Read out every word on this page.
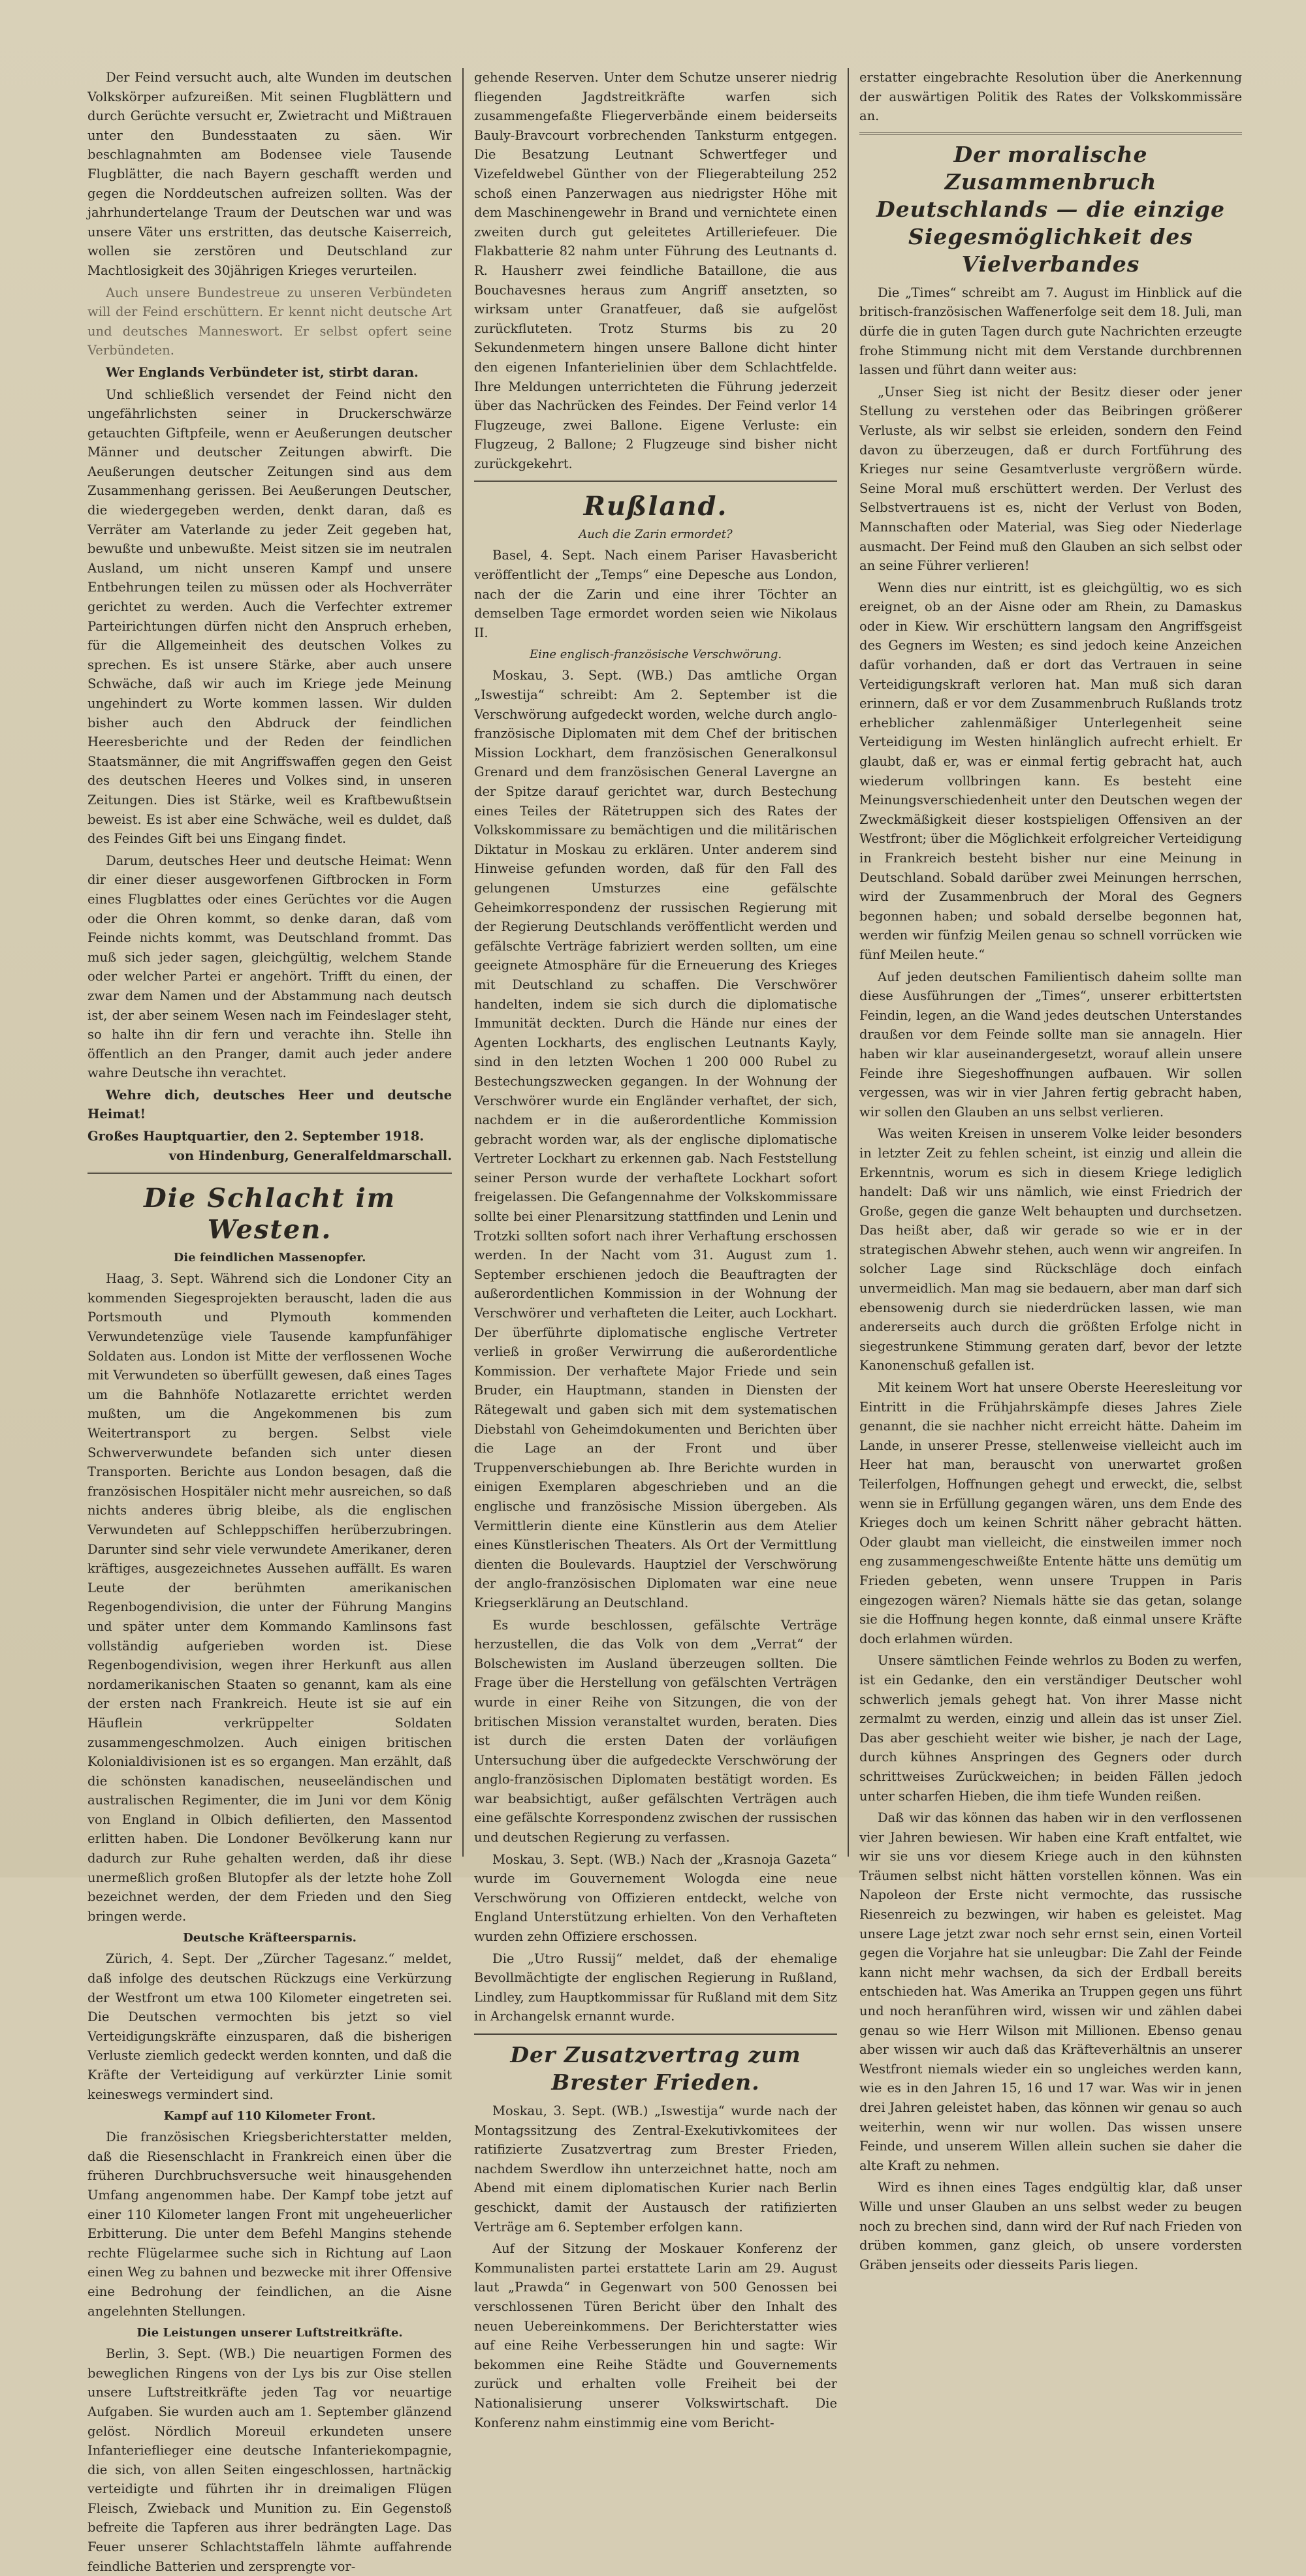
Der Feind versucht auch, alte Wunden im deutschen Volkskörper aufzureißen. Mit seinen Flugblättern und durch Gerüchte versucht er, Zwietracht und Mißtrauen unter den Bundesstaaten zu säen. Wir beschlagnahmten am Bodensee viele Tausende Flugblätter, die nach Bayern geschafft werden und gegen die Norddeutschen aufreizen sollten. Was der jahrhundertelange Traum der Deutschen war und was unsere Väter uns erstritten, das deutsche Kaiserreich, wollen sie zerstören und Deutschland zur Machtlosigkeit des 30jährigen Krieges verurteilen.

Auch unsere Bundestreue zu unseren Verbündeten will der Feind erschüttern. Er kennt nicht deutsche Art und deutsches Manneswort. Er selbst opfert seine Verbündeten.

Wer Englands Verbündeter ist, stirbt daran.

Und schließlich versendet der Feind nicht den ungefährlichsten seiner in Druckerschwärze getauchten Giftpfeile, wenn er Aeußerungen deutscher Männer und deutscher Zeitungen abwirft. Die Aeußerungen deutscher Zeitungen sind aus dem Zusammenhang gerissen. Bei Aeußerungen Deutscher, die wiedergegeben werden, denkt daran, daß es Verräter am Vaterlande zu jeder Zeit gegeben hat, bewußte und unbewußte. Meist sitzen sie im neutralen Ausland, um nicht unseren Kampf und unsere Entbehrungen teilen zu müssen oder als Hochverräter gerichtet zu werden. Auch die Verfechter extremer Parteirichtungen dürfen nicht den Anspruch erheben, für die Allgemeinheit des deutschen Volkes zu sprechen. Es ist unsere Stärke, aber auch unsere Schwäche, daß wir auch im Kriege jede Meinung ungehindert zu Worte kommen lassen. Wir dulden bisher auch den Abdruck der feindlichen Heeresberichte und der Reden der feindlichen Staatsmänner, die mit Angriffswaffen gegen den Geist des deutschen Heeres und Volkes sind, in unseren Zeitungen. Dies ist Stärke, weil es Kraftbewußtsein beweist. Es ist aber eine Schwäche, weil es duldet, daß des Feindes Gift bei uns Eingang findet.

Darum, deutsches Heer und deutsche Heimat: Wenn dir einer dieser ausgeworfenen Giftbrocken in Form eines Flugblattes oder eines Gerüchtes vor die Augen oder die Ohren kommt, so denke daran, daß vom Feinde nichts kommt, was Deutschland frommt. Das muß sich jeder sagen, gleichgültig, welchem Stande oder welcher Partei er angehört. Trifft du einen, der zwar dem Namen und der Abstammung nach deutsch ist, der aber seinem Wesen nach im Feindeslager steht, so halte ihn dir fern und verachte ihn. Stelle ihn öffentlich an den Pranger, damit auch jeder andere wahre Deutsche ihn verachtet.

Wehre dich, deutsches Heer und deutsche Heimat!

Großes Hauptquartier, den 2. September 1918.

von Hindenburg, Generalfeldmarschall.

Die Schlacht im Westen.
Die feindlichen Massenopfer.

Haag, 3. Sept. Während sich die Londoner City an kommenden Siegesprojekten berauscht, laden die aus Portsmouth und Plymouth kommenden Verwundetenzüge viele Tausende kampfunfähiger Soldaten aus. London ist Mitte der verflossenen Woche mit Verwundeten so überfüllt gewesen, daß eines Tages um die Bahnhöfe Notlazarette errichtet werden mußten, um die Angekommenen bis zum Weitertransport zu bergen. Selbst viele Schwerverwundete befanden sich unter diesen Transporten. Berichte aus London besagen, daß die französischen Hospitäler nicht mehr ausreichen, so daß nichts anderes übrig bleibe, als die englischen Verwundeten auf Schleppschiffen herüberzubringen. Darunter sind sehr viele verwundete Amerikaner, deren kräftiges, ausgezeichnetes Aussehen auffällt. Es waren Leute der berühmten amerikanischen Regenbogendivision, die unter der Führung Mangins und später unter dem Kommando Kamlinsons fast vollständig aufgerieben worden ist. Diese Regenbogendivision, wegen ihrer Herkunft aus allen nordamerikanischen Staaten so genannt, kam als eine der ersten nach Frankreich. Heute ist sie auf ein Häuflein verkrüppelter Soldaten zusammengeschmolzen. Auch einigen britischen Kolonialdivisionen ist es so ergangen. Man erzählt, daß die schönsten kanadischen, neuseeländischen und australischen Regimenter, die im Juni vor dem König von England in Olbich defilierten, den Massentod erlitten haben. Die Londoner Bevölkerung kann nur dadurch zur Ruhe gehalten werden, daß ihr diese unermeßlich großen Blutopfer als der letzte hohe Zoll bezeichnet werden, der dem Frieden und den Sieg bringen werde.

Deutsche Kräfteersparnis.

Zürich, 4. Sept. Der „Zürcher Tagesanz.“ meldet, daß infolge des deutschen Rückzugs eine Verkürzung der Westfront um etwa 100 Kilometer eingetreten sei. Die Deutschen vermochten bis jetzt so viel Verteidigungskräfte einzusparen, daß die bisherigen Verluste ziemlich gedeckt werden konnten, und daß die Kräfte der Verteidigung auf verkürzter Linie somit keineswegs vermindert sind.

Kampf auf 110 Kilometer Front.

Die französischen Kriegsberichterstatter melden, daß die Riesenschlacht in Frankreich einen über die früheren Durchbruchsversuche weit hinausgehenden Umfang angenommen habe. Der Kampf tobe jetzt auf einer 110 Kilometer langen Front mit ungeheuerlicher Erbitterung. Die unter dem Befehl Mangins stehende rechte Flügelarmee suche sich in Richtung auf Laon einen Weg zu bahnen und bezwecke mit ihrer Offensive eine Bedrohung der feindlichen, an die Aisne angelehnten Stellungen.

Die Leistungen unserer Luftstreitkräfte.

Berlin, 3. Sept. (WB.) Die neuartigen Formen des beweglichen Ringens von der Lys bis zur Oise stellen unsere Luftstreitkräfte jeden Tag vor neuartige Aufgaben. Sie wurden auch am 1. September glänzend gelöst. Nördlich Moreuil erkundeten unsere Infanterieflieger eine deutsche Infanteriekompagnie, die sich, von allen Seiten eingeschlossen, hartnäckig verteidigte und führten ihr in dreimaligen Flügen Fleisch, Zwieback und Munition zu. Ein Gegenstoß befreite die Tapferen aus ihrer bedrängten Lage. Das Feuer unserer Schlachtstaffeln lähmte auffahrende feindliche Batterien und zersprengte vor-

gehende Reserven. Unter dem Schutze unserer niedrig fliegenden Jagdstreitkräfte warfen sich zusammengefaßte Fliegerverbände einem beiderseits Bauly-Bravcourt vorbrechenden Tanksturm entgegen. Die Besatzung Leutnant Schwertfeger und Vizefeldwebel Günther von der Fliegerabteilung 252 schoß einen Panzerwagen aus niedrigster Höhe mit dem Maschinengewehr in Brand und vernichtete einen zweiten durch gut geleitetes Artilleriefeuer. Die Flakbatterie 82 nahm unter Führung des Leutnants d. R. Hausherr zwei feindliche Bataillone, die aus Bouchavesnes heraus zum Angriff ansetzten, so wirksam unter Granatfeuer, daß sie aufgelöst zurückfluteten. Trotz Sturms bis zu 20 Sekundenmetern hingen unsere Ballone dicht hinter den eigenen Infanterielinien über dem Schlachtfelde. Ihre Meldungen unterrichteten die Führung jederzeit über das Nachrücken des Feindes. Der Feind verlor 14 Flugzeuge, zwei Ballone. Eigene Verluste: ein Flugzeug, 2 Ballone; 2 Flugzeuge sind bisher nicht zurückgekehrt.

Rußland.
Auch die Zarin ermordet?

Basel, 4. Sept. Nach einem Pariser Havasbericht veröffentlicht der „Temps“ eine Depesche aus London, nach der die Zarin und eine ihrer Töchter an demselben Tage ermordet worden seien wie Nikolaus II.

Eine englisch-französische Verschwörung.

Moskau, 3. Sept. (WB.) Das amtliche Organ „Iswestija“ schreibt: Am 2. September ist die Verschwörung aufgedeckt worden, welche durch anglo-französische Diplomaten mit dem Chef der britischen Mission Lockhart, dem französischen Generalkonsul Grenard und dem französischen General Lavergne an der Spitze darauf gerichtet war, durch Bestechung eines Teiles der Rätetruppen sich des Rates der Volkskommissare zu bemächtigen und die militärischen Diktatur in Moskau zu erklären. Unter anderem sind Hinweise gefunden worden, daß für den Fall des gelungenen Umsturzes eine gefälschte Geheimkorrespondenz der russischen Regierung mit der Regierung Deutschlands veröffentlicht werden und gefälschte Verträge fabriziert werden sollten, um eine geeignete Atmosphäre für die Erneuerung des Krieges mit Deutschland zu schaffen. Die Verschwörer handelten, indem sie sich durch die diplomatische Immunität deckten. Durch die Hände nur eines der Agenten Lockharts, des englischen Leutnants Kayly, sind in den letzten Wochen 1 200 000 Rubel zu Bestechungszwecken gegangen. In der Wohnung der Verschwörer wurde ein Engländer verhaftet, der sich, nachdem er in die außerordentliche Kommission gebracht worden war, als der englische diplomatische Vertreter Lockhart zu erkennen gab. Nach Feststellung seiner Person wurde der verhaftete Lockhart sofort freigelassen. Die Gefangennahme der Volkskommissare sollte bei einer Plenarsitzung stattfinden und Lenin und Trotzki sollten sofort nach ihrer Verhaftung erschossen werden. In der Nacht vom 31. August zum 1. September erschienen jedoch die Beauftragten der außerordentlichen Kommission in der Wohnung der Verschwörer und verhafteten die Leiter, auch Lockhart. Der überführte diplomatische englische Vertreter verließ in großer Verwirrung die außerordentliche Kommission. Der verhaftete Major Friede und sein Bruder, ein Hauptmann, standen in Diensten der Rätegewalt und gaben sich mit dem systematischen Diebstahl von Geheimdokumenten und Berichten über die Lage an der Front und über Truppenverschiebungen ab. Ihre Berichte wurden in einigen Exemplaren abgeschrieben und an die englische und französische Mission übergeben. Als Vermittlerin diente eine Künstlerin aus dem Atelier eines Künstlerischen Theaters. Als Ort der Vermittlung dienten die Boulevards. Hauptziel der Verschwörung der anglo-französischen Diplomaten war eine neue Kriegserklärung an Deutschland.

Es wurde beschlossen, gefälschte Verträge herzustellen, die das Volk von dem „Verrat“ der Bolschewisten im Ausland überzeugen sollten. Die Frage über die Herstellung von gefälschten Verträgen wurde in einer Reihe von Sitzungen, die von der britischen Mission veranstaltet wurden, beraten. Dies ist durch die ersten Daten der vorläufigen Untersuchung über die aufgedeckte Verschwörung der anglo-französischen Diplomaten bestätigt worden. Es war beabsichtigt, außer gefälschten Verträgen auch eine gefälschte Korrespondenz zwischen der russischen und deutschen Regierung zu verfassen.

Moskau, 3. Sept. (WB.) Nach der „Krasnoja Gazeta“ wurde im Gouvernement Wologda eine neue Verschwörung von Offizieren entdeckt, welche von England Unterstützung erhielten. Von den Verhafteten wurden zehn Offiziere erschossen.

Die „Utro Russij“ meldet, daß der ehemalige Bevollmächtigte der englischen Regierung in Rußland, Lindley, zum Hauptkommissar für Rußland mit dem Sitz in Archangelsk ernannt wurde.

Der Zusatzvertrag zum Brester Frieden.

Moskau, 3. Sept. (WB.) „Iswestija“ wurde nach der Montagssitzung des Zentral-Exekutivkomitees der ratifizierte Zusatzvertrag zum Brester Frieden, nachdem Swerdlow ihn unterzeichnet hatte, noch am Abend mit einem diplomatischen Kurier nach Berlin geschickt, damit der Austausch der ratifizierten Verträge am 6. September erfolgen kann.

Auf der Sitzung der Moskauer Konferenz der Kommunalisten partei erstattete Larin am 29. August laut „Prawda“ in Gegenwart von 500 Genossen bei verschlossenen Türen Bericht über den Inhalt des neuen Uebereinkommens. Der Berichterstatter wies auf eine Reihe Verbesserungen hin und sagte: Wir bekommen eine Reihe Städte und Gouvernements zurück und erhalten volle Freiheit bei der Nationalisierung unserer Volkswirtschaft. Die Konferenz nahm einstimmig eine vom Bericht-

erstatter eingebrachte Resolution über die Anerkennung der auswärtigen Politik des Rates der Volkskommissäre an.

Der moralische Zusammenbruch Deutschlands — die einzige Siegesmöglichkeit des Vielverbandes

Die „Times“ schreibt am 7. August im Hinblick auf die britisch-französischen Waffenerfolge seit dem 18. Juli, man dürfe die in guten Tagen durch gute Nachrichten erzeugte frohe Stimmung nicht mit dem Verstande durchbrennen lassen und führt dann weiter aus:

„Unser Sieg ist nicht der Besitz dieser oder jener Stellung zu verstehen oder das Beibringen größerer Verluste, als wir selbst sie erleiden, sondern den Feind davon zu überzeugen, daß er durch Fortführung des Krieges nur seine Gesamtverluste vergrößern würde. Seine Moral muß erschüttert werden. Der Verlust des Selbstvertrauens ist es, nicht der Verlust von Boden, Mannschaften oder Material, was Sieg oder Niederlage ausmacht. Der Feind muß den Glauben an sich selbst oder an seine Führer verlieren!

Wenn dies nur eintritt, ist es gleichgültig, wo es sich ereignet, ob an der Aisne oder am Rhein, zu Damaskus oder in Kiew. Wir erschüttern langsam den Angriffsgeist des Gegners im Westen; es sind jedoch keine Anzeichen dafür vorhanden, daß er dort das Vertrauen in seine Verteidigungskraft verloren hat. Man muß sich daran erinnern, daß er vor dem Zusammenbruch Rußlands trotz erheblicher zahlenmäßiger Unterlegenheit seine Verteidigung im Westen hinlänglich aufrecht erhielt. Er glaubt, daß er, was er einmal fertig gebracht hat, auch wiederum vollbringen kann. Es besteht eine Meinungsverschiedenheit unter den Deutschen wegen der Zweckmäßigkeit dieser kostspieligen Offensiven an der Westfront; über die Möglichkeit erfolgreicher Verteidigung in Frankreich besteht bisher nur eine Meinung in Deutschland. Sobald darüber zwei Meinungen herrschen, wird der Zusammenbruch der Moral des Gegners begonnen haben; und sobald derselbe begonnen hat, werden wir fünfzig Meilen genau so schnell vorrücken wie fünf Meilen heute.“

Auf jeden deutschen Familientisch daheim sollte man diese Ausführungen der „Times“, unserer erbittertsten Feindin, legen, an die Wand jedes deutschen Unterstandes draußen vor dem Feinde sollte man sie annageln. Hier haben wir klar auseinandergesetzt, worauf allein unsere Feinde ihre Siegeshoffnungen aufbauen. Wir sollen vergessen, was wir in vier Jahren fertig gebracht haben, wir sollen den Glauben an uns selbst verlieren.

Was weiten Kreisen in unserem Volke leider besonders in letzter Zeit zu fehlen scheint, ist einzig und allein die Erkenntnis, worum es sich in diesem Kriege lediglich handelt: Daß wir uns nämlich, wie einst Friedrich der Große, gegen die ganze Welt behaupten und durchsetzen. Das heißt aber, daß wir gerade so wie er in der strategischen Abwehr stehen, auch wenn wir angreifen. In solcher Lage sind Rückschläge doch einfach unvermeidlich. Man mag sie bedauern, aber man darf sich ebensowenig durch sie niederdrücken lassen, wie man andererseits auch durch die größten Erfolge nicht in siegestrunkene Stimmung geraten darf, bevor der letzte Kanonenschuß gefallen ist.

Mit keinem Wort hat unsere Oberste Heeresleitung vor Eintritt in die Frühjahrskämpfe dieses Jahres Ziele genannt, die sie nachher nicht erreicht hätte. Daheim im Lande, in unserer Presse, stellenweise vielleicht auch im Heer hat man, berauscht von unerwartet großen Teilerfolgen, Hoffnungen gehegt und erweckt, die, selbst wenn sie in Erfüllung gegangen wären, uns dem Ende des Krieges doch um keinen Schritt näher gebracht hätten. Oder glaubt man vielleicht, die einstweilen immer noch eng zusammengeschweißte Entente hätte uns demütig um Frieden gebeten, wenn unsere Truppen in Paris eingezogen wären? Niemals hätte sie das getan, solange sie die Hoffnung hegen konnte, daß einmal unsere Kräfte doch erlahmen würden.

Unsere sämtlichen Feinde wehrlos zu Boden zu werfen, ist ein Gedanke, den ein verständiger Deutscher wohl schwerlich jemals gehegt hat. Von ihrer Masse nicht zermalmt zu werden, einzig und allein das ist unser Ziel. Das aber geschieht weiter wie bisher, je nach der Lage, durch kühnes Anspringen des Gegners oder durch schrittweises Zurückweichen; in beiden Fällen jedoch unter scharfen Hieben, die ihm tiefe Wunden reißen.

Daß wir das können das haben wir in den verflossenen vier Jahren bewiesen. Wir haben eine Kraft entfaltet, wie wir sie uns vor diesem Kriege auch in den kühnsten Träumen selbst nicht hätten vorstellen können. Was ein Napoleon der Erste nicht vermochte, das russische Riesenreich zu bezwingen, wir haben es geleistet. Mag unsere Lage jetzt zwar noch sehr ernst sein, einen Vorteil gegen die Vorjahre hat sie unleugbar: Die Zahl der Feinde kann nicht mehr wachsen, da sich der Erdball bereits entschieden hat. Was Amerika an Truppen gegen uns führt und noch heranführen wird, wissen wir und zählen dabei genau so wie Herr Wilson mit Millionen. Ebenso genau aber wissen wir auch daß das Kräfteverhältnis an unserer Westfront niemals wieder ein so ungleiches werden kann, wie es in den Jahren 15, 16 und 17 war. Was wir in jenen drei Jahren geleistet haben, das können wir genau so auch weiterhin, wenn wir nur wollen. Das wissen unsere Feinde, und unserem Willen allein suchen sie daher die alte Kraft zu nehmen.

Wird es ihnen eines Tages endgültig klar, daß unser Wille und unser Glauben an uns selbst weder zu beugen noch zu brechen sind, dann wird der Ruf nach Frieden von drüben kommen, ganz gleich, ob unsere vordersten Gräben jenseits oder diesseits Paris liegen.
